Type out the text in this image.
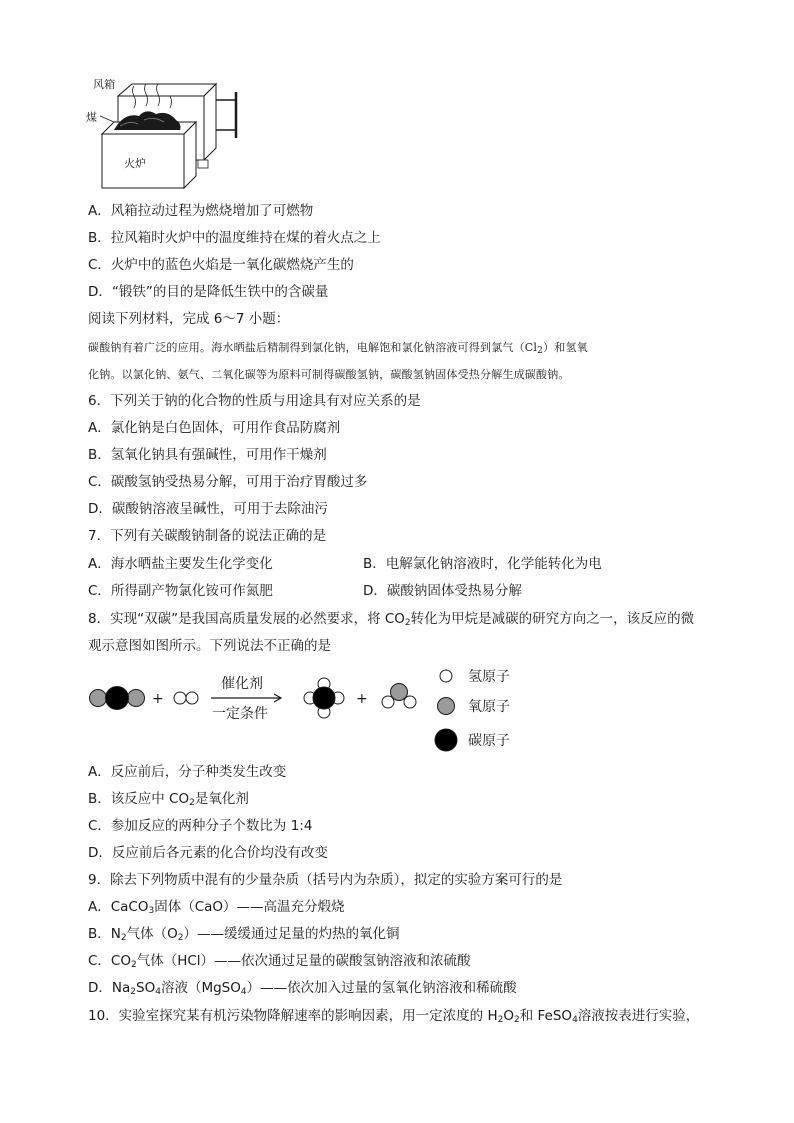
风箱
煤
火炉
A．风箱拉动过程为燃烧增加了可燃物
B．拉风箱时火炉中的温度维持在煤的着火点之上
C．火炉中的蓝色火焰是一氧化碳燃烧产生的
D．“锻铁”的目的是降低生铁中的含碳量
阅读下列材料，完成 6～7 小题：
碳酸钠有着广泛的应用。海水晒盐后精制得到氯化钠，电解饱和氯化钠溶液可得到氯气$(Cl_2)$和氢氧
化钠。以氯化钠、氨气、二氧化碳等为原料可制得碳酸氢钠，碳酸氢钠固体受热分解生成碳酸钠。
6．下列关于钠的化合物的性质与用途具有对应关系的是
A．氯化钠是白色固体，可用作食品防腐剂
B．氢氧化钠具有强碱性，可用作干燥剂
C．碳酸氢钠受热易分解，可用于治疗胃酸过多
D．碳酸钠溶液呈碱性，可用于去除油污
7．下列有关碳酸钠制备的说法正确的是
A．海水晒盐主要发生化学变化	B．电解氯化钠溶液时，化学能转化为电
C．所得副产物氯化铵可作氮肥	D．碳酸钠固体受热易分解
8．实现“双碳”是我国高质量发展的必然要求，将 $CO_2$转化为甲烷是减碳的研究方向之一，该反应的微
观示意图如图所示。下列说法不正确的是
+
催化剂
一定条件
+
氢原子
氧原子
碳原子
A．反应前后，分子种类发生改变
B．该反应中 $CO_2$是氧化剂
C．参加反应的两种分子个数比为 1:4
D．反应前后各元素的化合价均没有改变
9．除去下列物质中混有的少量杂质（括号内为杂质），拟定的实验方案可行的是
A．CaCO$_3$固体（CaO）——高温充分煅烧
B．$N_2$气体$(O_2)——$缓缓通过足量的灼热的氧化铜
C．$CO_2$气体（HCl）——依次通过足量的碳酸氢钠溶液和浓硫酸
D．$Na_2SO_4$溶液（MgSO$_4$）——依次加入过量的氢氧化钠溶液和稀硫酸
10．实验室探究某有机污染物降解速率的影响因素，用一定浓度的 $H_2O_2$和 FeSO$_4$溶液按表进行实验，
